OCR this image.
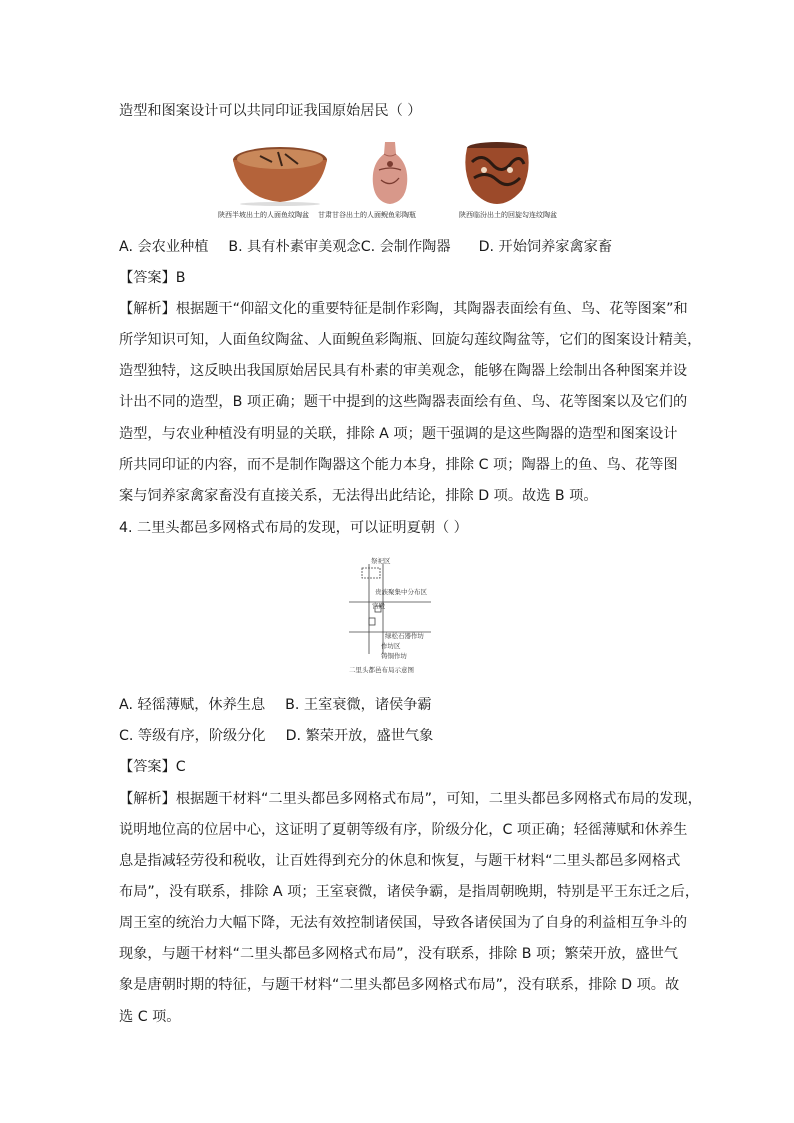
造型和图案设计可以共同印证我国原始居民（ ）
陕西半坡出土的人面鱼纹陶盆 甘肃甘谷出土的人面鲵鱼彩陶瓶	陕西临汾出土的回旋勾连纹陶盆
A. 会农业种植 B. 具有朴素审美观念C. 会制作陶器 D. 开始饲养家禽家畜
【答案】B
【 解 析 】 根 据 题 干 “ 仰 韶 文 化 的 重 要 特 征 是 制 作 彩 陶 ， 其 陶 器 表 面 绘 有 鱼 、 鸟 、 花 等 图 案 ” 和
所 学 知 识 可 知 ， 人 面 鱼 纹 陶 盆 、 人 面 鲵 鱼 彩 陶 瓶 、 回 旋 勾 莲 纹 陶 盆 等 ， 它 们 的 图 案 设 计 精 美 ，
造 型 独 特 ， 这 反 映 出 我 国 原 始 居 民 具 有 朴 素 的 审 美 观 念 ， 能 够 在 陶 器 上 绘 制 出 各 种 图 案 并 设
计 出 不 同 的 造 型 ， B
项 正 确 ； 题 干 中 提 到 的 这 些 陶 器 表 面 绘 有 鱼 、 鸟 、 花 等 图 案 以 及 它 们 的
造 型 ， 与 农 业 种 植 没 有 明 显 的 关 联 ， 排 除
A
项 ； 题 干 强 调 的 是 这 些 陶 器 的 造 型 和 图 案 设 计
所 共 同 印 证 的 内 容 ， 而 不 是 制 作 陶 器 这 个 能 力 本 身 ， 排 除
C
项 ； 陶 器 上 的 鱼 、 鸟 、 花 等 图
案与饲养家禽家畜没有直接关系，无法得出此结论，排除 D 项。故选 B 项。
4. 二里头都邑多网格式布局的发现，可以证明夏朝（ ）
祭祀区
贵族聚集中分布区
宫殿
绿松石器作坊
作坊区
铸铜作坊
二里头都邑布局示意图
A. 轻徭薄赋，休养生息 B. 王室衰微，诸侯争霸
C. 等级有序，阶级分化 D. 繁荣开放，盛世气象
【答案】C
【 解 析 】 根 据 题 干 材 料 “ 二 里 头 都 邑 多 网 格 式 布 局 ” ， 可 知 ， 二 里 头 都 邑 多 网 格 式 布 局 的 发 现 ，
说 明 地 位 高 的 位 居 中 心 ， 这 证 明 了 夏 朝 等 级 有 序 ， 阶 级 分 化 ， C
项 正 确 ； 轻 徭 薄 赋 和 休 养 生
息 是 指 减 轻 劳 役 和 税 收 ， 让 百 姓 得 到 充 分 的 休 息 和 恢 复 ， 与 题 干 材 料 “ 二 里 头 都 邑 多 网 格 式
布 局 ” ， 没 有 联 系 ， 排 除
A
项 ； 王 室 衰 微 ， 诸 侯 争 霸 ， 是 指 周 朝 晚 期 ， 特 别 是 平 王 东 迁 之 后 ，
周 王 室 的 统 治 力 大 幅 下 降 ， 无 法 有 效 控 制 诸 侯 国 ， 导 致 各 诸 侯 国 为 了 自 身 的 利 益 相 互 争 斗 的
现 象 ， 与 题 干 材 料 “ 二 里 头 都 邑 多 网 格 式 布 局 ” ， 没 有 联 系 ， 排 除
B
项 ； 繁 荣 开 放 ， 盛 世 气
象 是 唐 朝 时 期 的 特 征 ， 与 题 干 材 料 “ 二 里 头 都 邑 多 网 格 式 布 局 ” ， 没 有 联 系 ， 排 除
D
项 。 故
选 C 项。
